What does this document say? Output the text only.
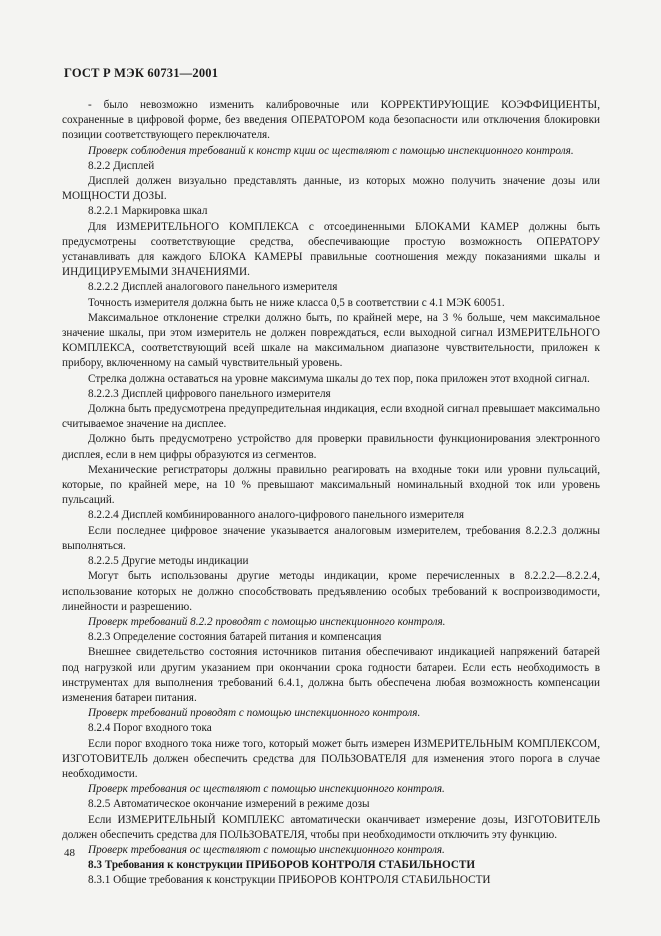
ГОСТ Р МЭК 60731—2001

- было невозможно изменить калибровочные или КОРРЕКТИРУЮЩИЕ КОЭФФИЦИЕНТЫ, сохраненные в цифровой форме, без введения ОПЕРАТОРОМ кода безопасности или отключения блокировки позиции соответствующего переключателя.

Проверк соблюдения требований к констр кции ос ществляют с помощью инспекционного контроля.

8.2.2 Дисплей

Дисплей должен визуально представлять данные, из которых можно получить значение дозы или МОЩНОСТИ ДОЗЫ.

8.2.2.1 Маркировка шкал

Для ИЗМЕРИТЕЛЬНОГО КОМПЛЕКСА с отсоединенными БЛОКАМИ КАМЕР должны быть предусмотрены соответствующие средства, обеспечивающие простую возможность ОПЕРАТОРУ устанавливать для каждого БЛОКА КАМЕРЫ правильные соотношения между показаниями шкалы и ИНДИЦИРУЕМЫМИ ЗНАЧЕНИЯМИ.

8.2.2.2 Дисплей аналогового панельного измерителя

Точность измерителя должна быть не ниже класса 0,5 в соответствии с 4.1 МЭК 60051.

Максимальное отклонение стрелки должно быть, по крайней мере, на 3 % больше, чем максимальное значение шкалы, при этом измеритель не должен повреждаться, если выходной сигнал ИЗМЕРИТЕЛЬНОГО КОМПЛЕКСА, соответствующий всей шкале на максимальном диапазоне чувствительности, приложен к прибору, включенному на самый чувствительный уровень.

Стрелка должна оставаться на уровне максимума шкалы до тех пор, пока приложен этот входной сигнал.

8.2.2.3 Дисплей цифрового панельного измерителя

Должна быть предусмотрена предупредительная индикация, если входной сигнал превышает максимально считываемое значение на дисплее.

Должно быть предусмотрено устройство для проверки правильности функционирования электронного дисплея, если в нем цифры образуются из сегментов.

Механические регистраторы должны правильно реагировать на входные токи или уровни пульсаций, которые, по крайней мере, на 10 % превышают максимальный номинальный входной ток или уровень пульсаций.

8.2.2.4 Дисплей комбинированного аналого-цифрового панельного измерителя

Если последнее цифровое значение указывается аналоговым измерителем, требования 8.2.2.3 должны выполняться.

8.2.2.5 Другие методы индикации

Могут быть использованы другие методы индикации, кроме перечисленных в 8.2.2.2—8.2.2.4, использование которых не должно способствовать предъявлению особых требований к воспроизводимости, линейности и разрешению.

Проверк требований 8.2.2 проводят с помощью инспекционного контроля.

8.2.3 Определение состояния батарей питания и компенсация

Внешнее свидетельство состояния источников питания обеспечивают индикацией напряжений батарей под нагрузкой или другим указанием при окончании срока годности батареи. Если есть необходимость в инструментах для выполнения требований 6.4.1, должна быть обеспечена любая возможность компенсации изменения батареи питания.

Проверк требований проводят с помощью инспекционного контроля.

8.2.4 Порог входного тока

Если порог входного тока ниже того, который может быть измерен ИЗМЕРИТЕЛЬНЫМ КОМПЛЕКСОМ, ИЗГОТОВИТЕЛЬ должен обеспечить средства для ПОЛЬЗОВАТЕЛЯ для изменения этого порога в случае необходимости.

Проверк требования ос ществляют с помощью инспекционного контроля.

8.2.5 Автоматическое окончание измерений в режиме дозы

Если ИЗМЕРИТЕЛЬНЫЙ КОМПЛЕКС автоматически оканчивает измерение дозы, ИЗГОТОВИТЕЛЬ должен обеспечить средства для ПОЛЬЗОВАТЕЛЯ, чтобы при необходимости отключить эту функцию.

Проверк требования ос ществляют с помощью инспекционного контроля.

8.3 Требования к конструкции ПРИБОРОВ КОНТРОЛЯ СТАБИЛЬНОСТИ

8.3.1 Общие требования к конструкции ПРИБОРОВ КОНТРОЛЯ СТАБИЛЬНОСТИ

48
